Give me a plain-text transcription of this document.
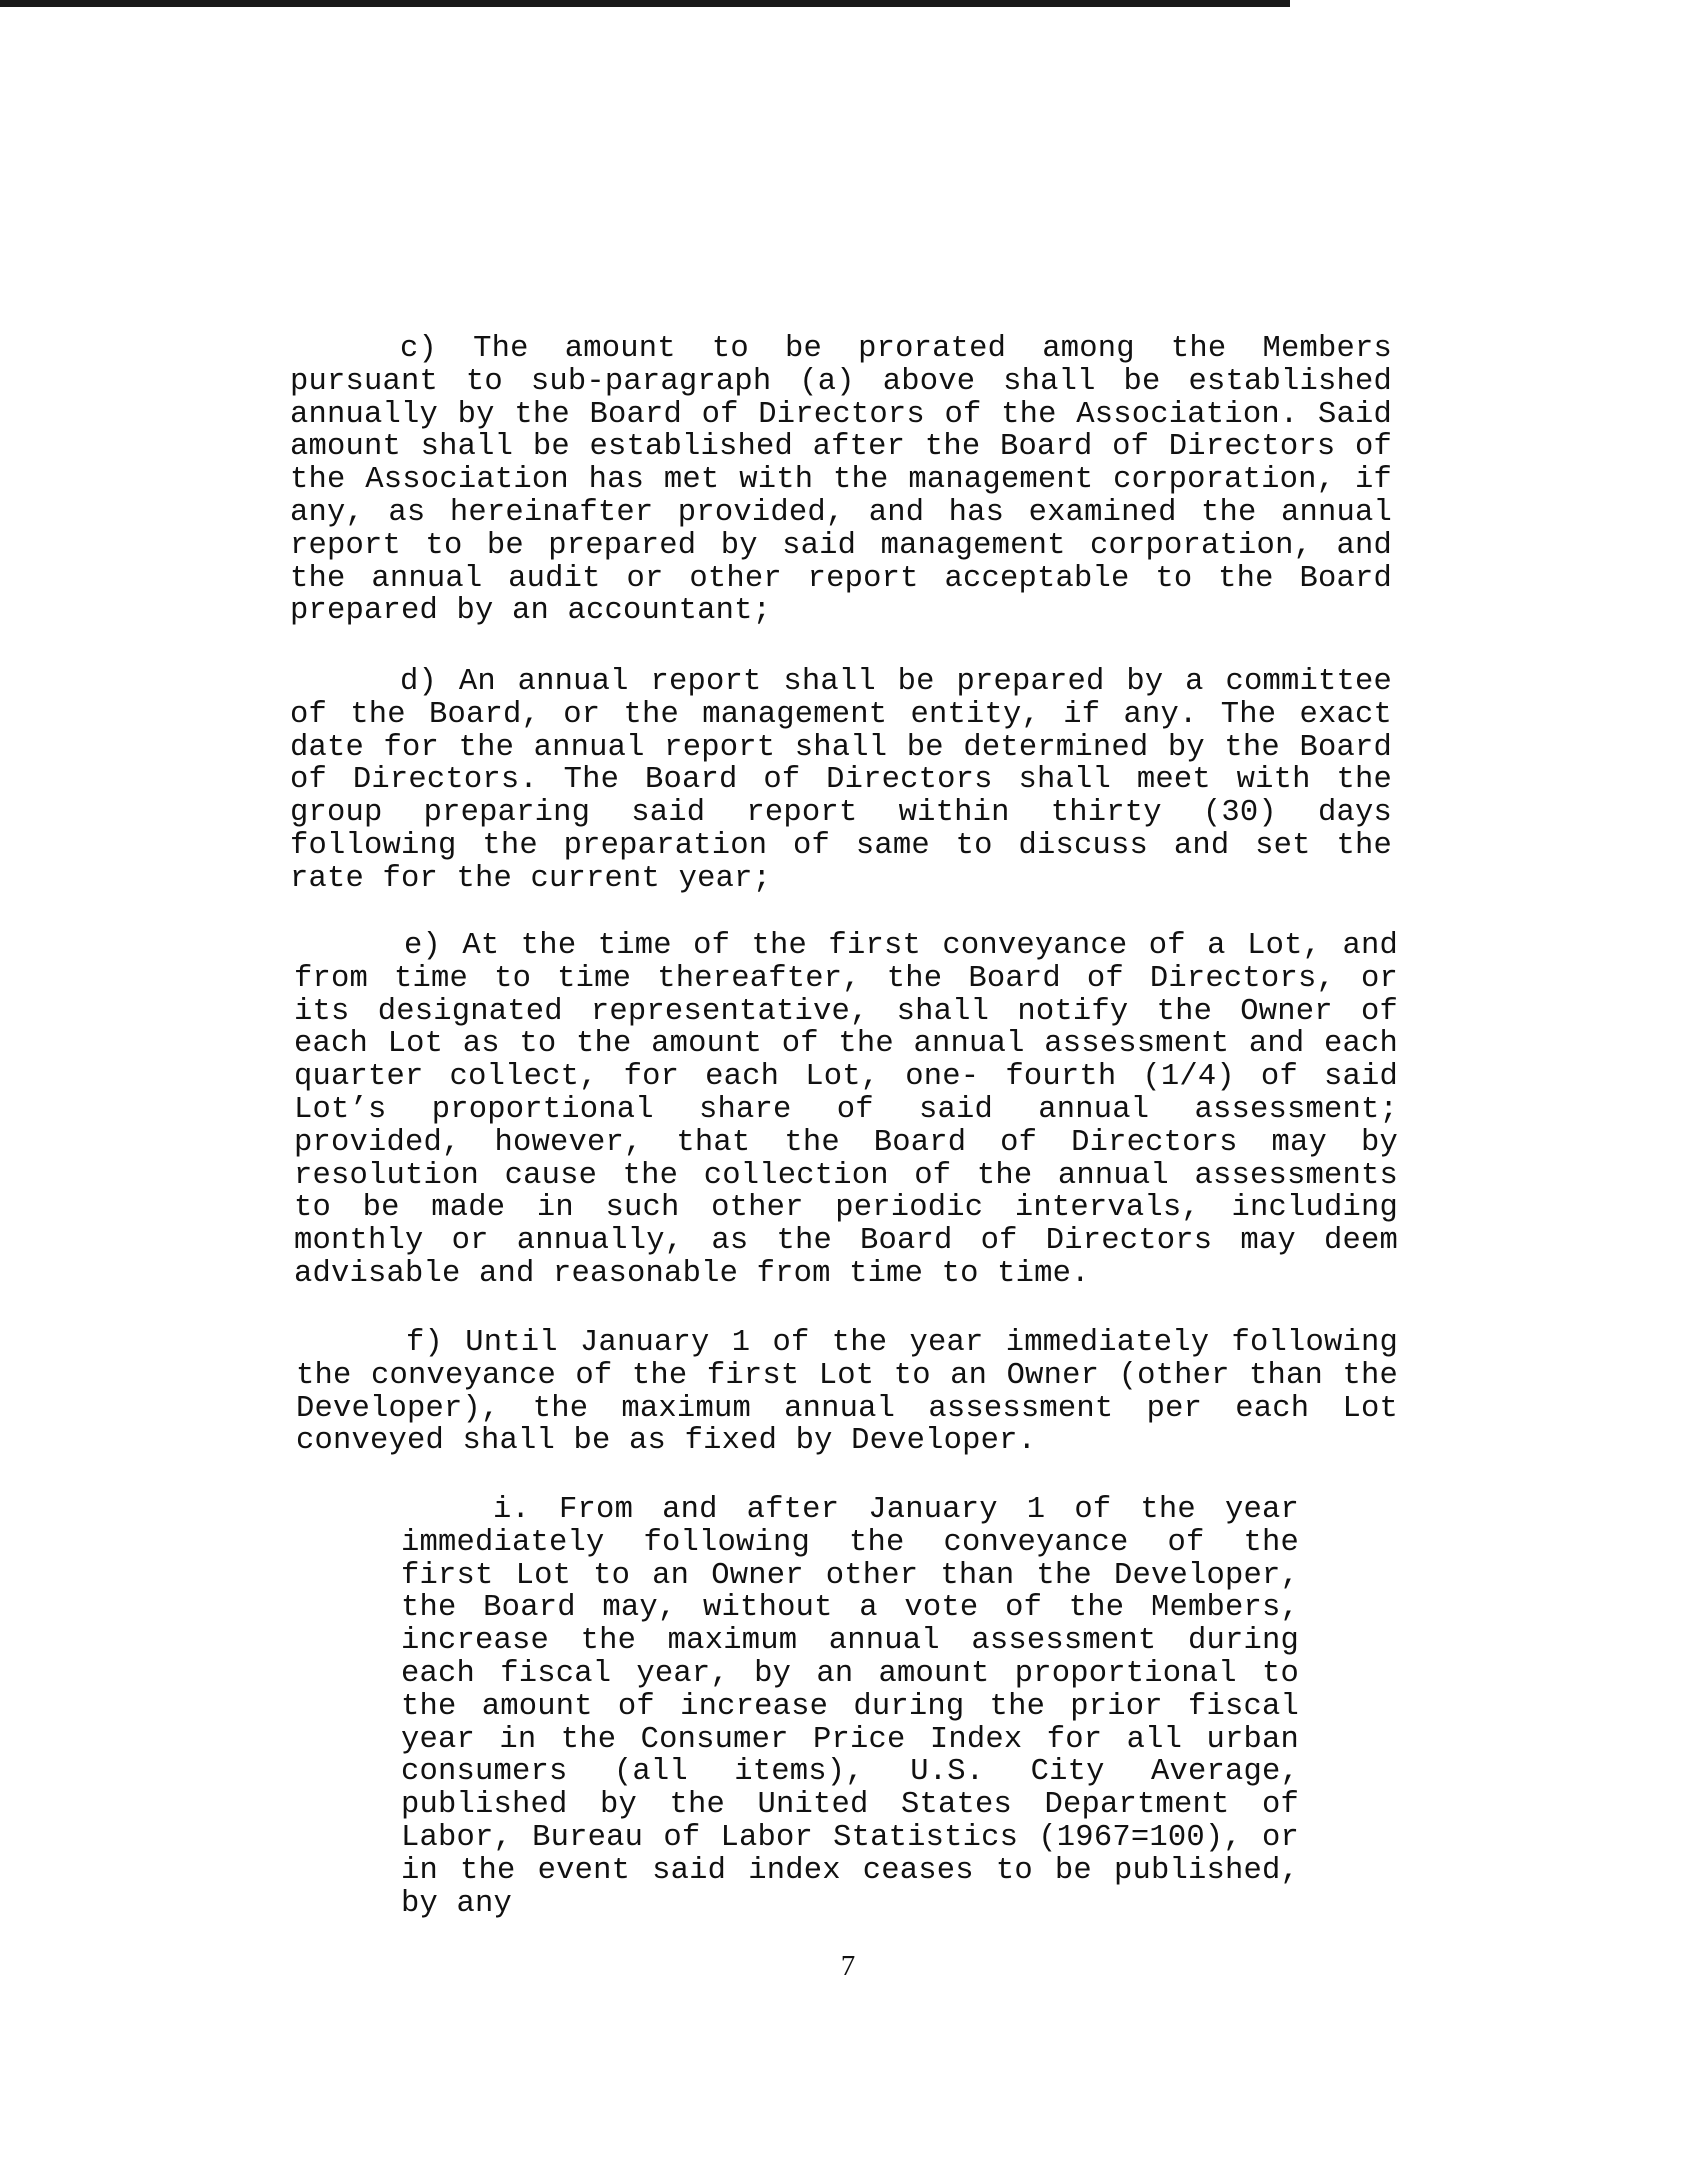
c) The amount to be prorated among the Members pursuant to sub-paragraph (a) above shall be established annually by the Board of Directors of the Association. Said amount shall be established after the Board of Directors of the Association has met with the management corporation, if any, as hereinafter provided, and has examined the annual report to be prepared by said management corporation, and the annual audit or other report acceptable to the Board prepared by an accountant;

d) An annual report shall be prepared by a committee of the Board, or the management entity, if any. The exact date for the annual report shall be determined by the Board of Directors. The Board of Directors shall meet with the group preparing said report within thirty (30) days following the preparation of same to discuss and set the rate for the current year;

e) At the time of the first conveyance of a Lot, and from time to time thereafter, the Board of Directors, or its designated representative, shall notify the Owner of each Lot as to the amount of the annual assessment and each quarter collect, for each Lot, one- fourth (1/4) of said Lot’s proportional share of said annual assessment; provided, however, that the Board of Directors may by resolution cause the collection of the annual assessments to be made in such other periodic intervals, including monthly or annually, as the Board of Directors may deem advisable and reasonable from time to time.

f) Until January 1 of the year immediately following the conveyance of the first Lot to an Owner (other than the Developer), the maximum annual assessment per each Lot conveyed shall be as fixed by Developer.

i. From and after January 1 of the year immediately following the conveyance of the first Lot to an Owner other than the Developer, the Board may, without a vote of the Members, increase the maximum annual assessment during each fiscal year, by an amount proportional to the amount of increase during the prior fiscal year in the Consumer Price Index for all urban consumers (all items), U.S. City Average, published by the United States Department of Labor, Bureau of Labor Statistics (1967=100), or in the event said index ceases to be published, by any

7
